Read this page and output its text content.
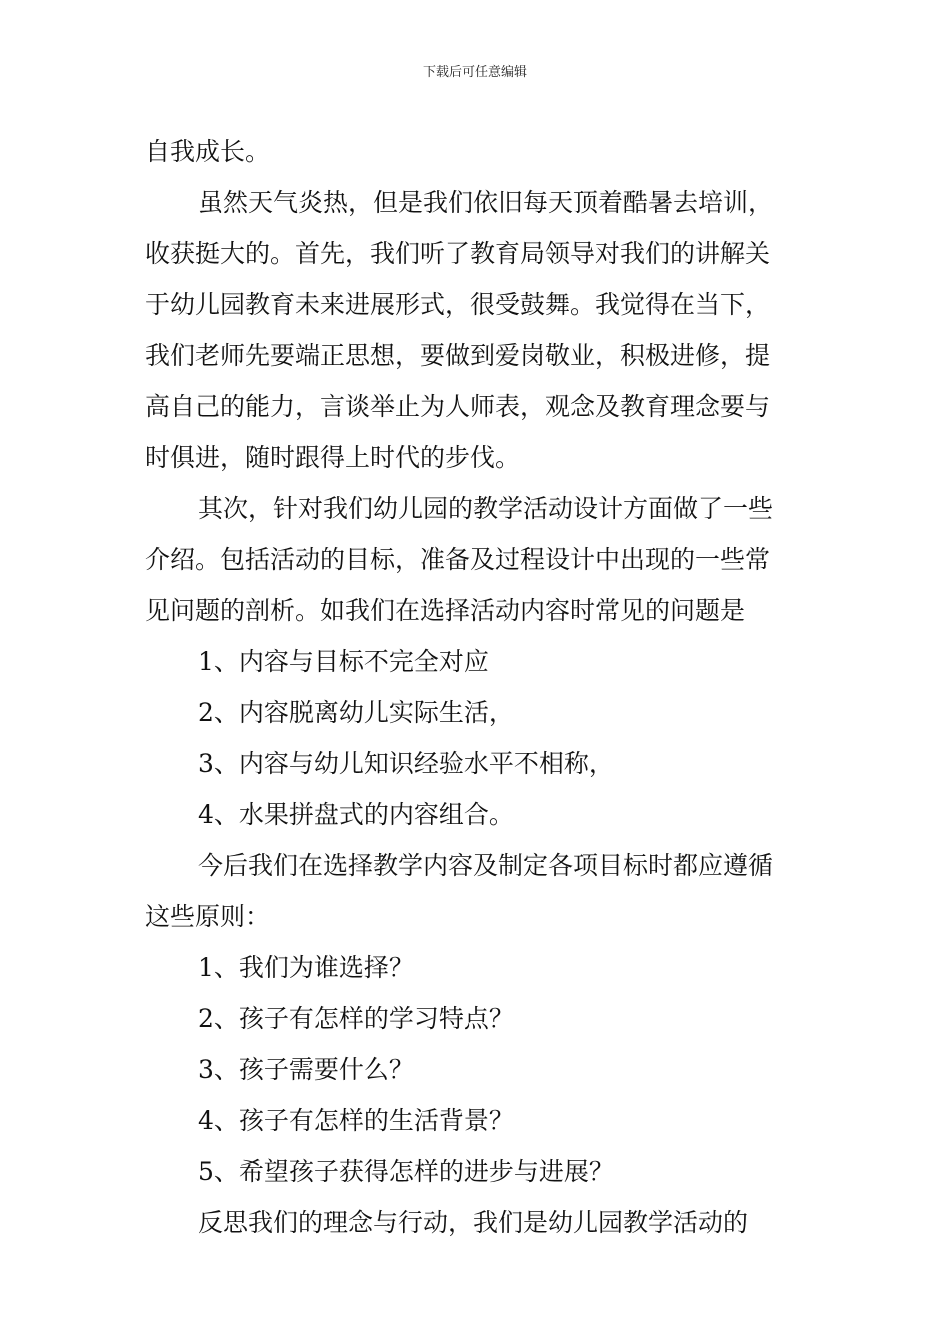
下载后可任意编辑
自我成长。
虽然天气炎热，但是我们依旧每天顶着酷暑去培训，
收获挺大的。首先，我们听了教育局领导对我们的讲解关
于幼儿园教育未来进展形式，很受鼓舞。我觉得在当下，
我们老师先要端正思想，要做到爱岗敬业，积极进修，提
高自己的能力，言谈举止为人师表，观念及教育理念要与
时俱进，随时跟得上时代的步伐。
其次，针对我们幼儿园的教学活动设计方面做了一些
介绍。包括活动的目标，准备及过程设计中出现的一些常
见问题的剖析。如我们在选择活动内容时常见的问题是
1、内容与目标不完全对应
2、内容脱离幼儿实际生活，
3、内容与幼儿知识经验水平不相称，
4、水果拼盘式的内容组合。
今后我们在选择教学内容及制定各项目标时都应遵循
这些原则：
1、我们为谁选择？
2、孩子有怎样的学习特点？
3、孩子需要什么？
4、孩子有怎样的生活背景？
5、希望孩子获得怎样的进步与进展？
反思我们的理念与行动，我们是幼儿园教学活动的
